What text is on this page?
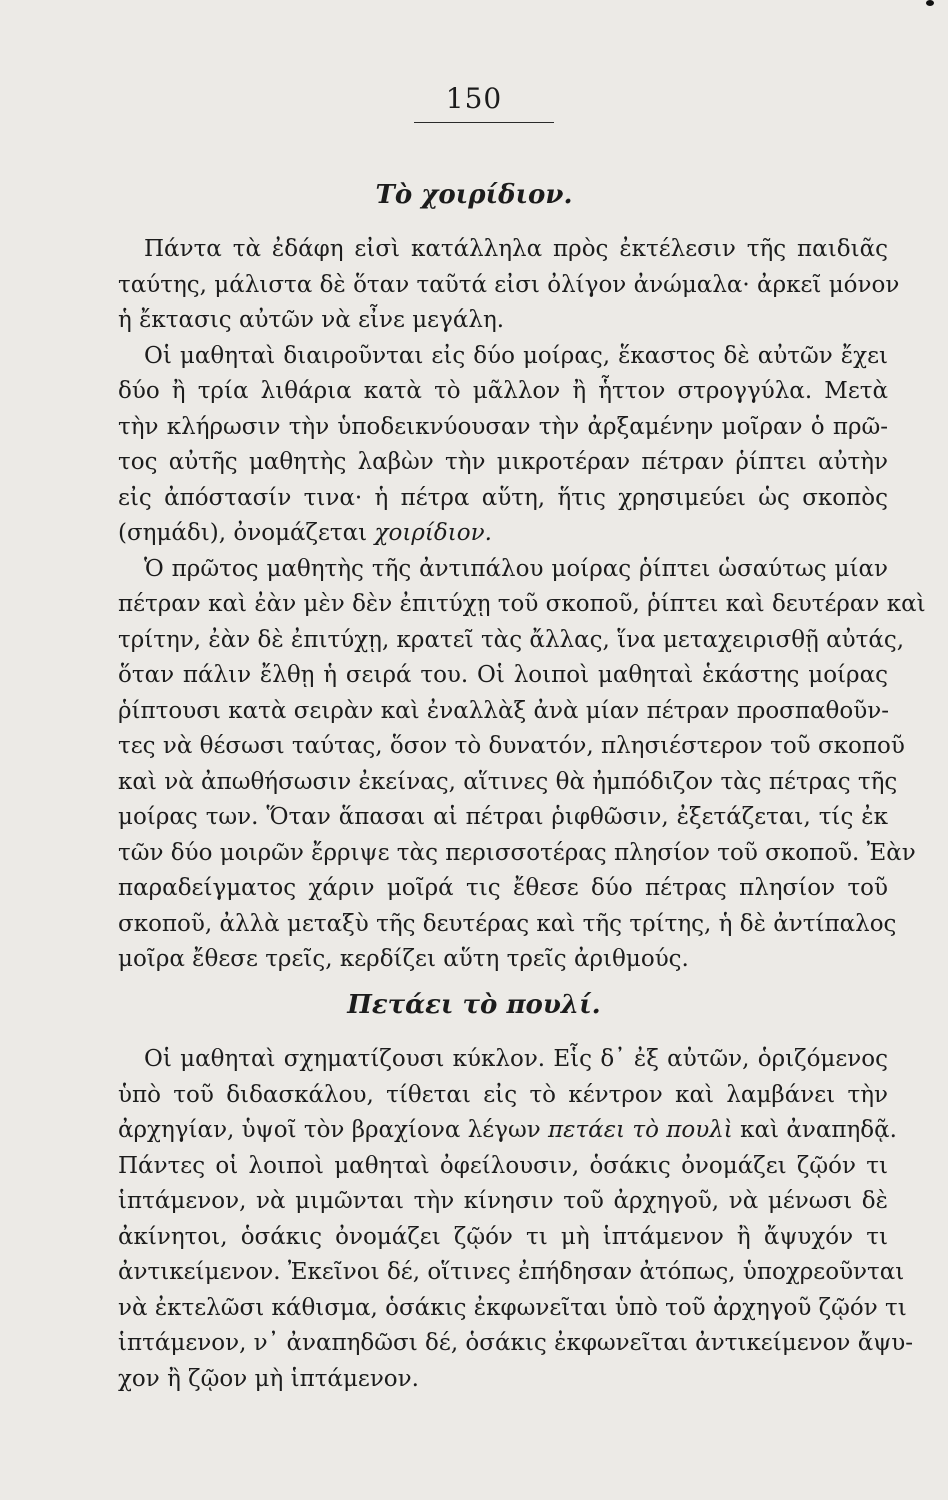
150
Τὸ χοιρίδιον.
Πάντα τὰ ἐδάφη εἰσὶ κατάλληλα πρὸς ἐκτέλεσιν τῆς παιδιᾶς
ταύτης, μάλιστα δὲ ὅταν ταῦτά εἰσι ὀλίγον ἀνώμαλα· ἀρκεῖ μόνον
ἡ ἔκτασις αὐτῶν νὰ εἶνε μεγάλη.
Οἱ μαθηταὶ διαιροῦνται εἰς δύο μοίρας, ἕκαστος δὲ αὐτῶν ἔχει
δύο ἢ τρία λιθάρια κατὰ τὸ μᾶλλον ἢ ἧττον στρογγύλα. Μετὰ
τὴν κλήρωσιν τὴν ὑποδεικνύουσαν τὴν ἀρξαμένην μοῖραν ὁ πρῶ-
τος αὐτῆς μαθητὴς λαβὼν τὴν μικροτέραν πέτραν ῥίπτει αὐτὴν
εἰς ἀπόστασίν τινα· ἡ πέτρα αὕτη, ἥτις χρησιμεύει ὡς σκοπὸς
(σημάδι), ὀνομάζεται χοιρίδιον.
Ὁ πρῶτος μαθητὴς τῆς ἀντιπάλου μοίρας ῥίπτει ὡσαύτως μίαν
πέτραν καὶ ἐὰν μὲν δὲν ἐπιτύχῃ τοῦ σκοποῦ, ῥίπτει καὶ δευτέραν καὶ
τρίτην, ἐὰν δὲ ἐπιτύχῃ, κρατεῖ τὰς ἄλλας, ἵνα μεταχειρισθῇ αὐτάς,
ὅταν πάλιν ἔλθῃ ἡ σειρά του. Οἱ λοιποὶ μαθηταὶ ἑκάστης μοίρας
ῥίπτουσι κατὰ σειρὰν καὶ ἐναλλὰξ ἀνὰ μίαν πέτραν προσπαθοῦν-
τες νὰ θέσωσι ταύτας, ὅσον τὸ δυνατόν, πλησιέστερον τοῦ σκοποῦ
καὶ νὰ ἀπωθήσωσιν ἐκείνας, αἵτινες θὰ ἠμπόδιζον τὰς πέτρας τῆς
μοίρας των. Ὅταν ἅπασαι αἱ πέτραι ῥιφθῶσιν, ἐξετάζεται, τίς ἐκ
τῶν δύο μοιρῶν ἔρριψε τὰς περισσοτέρας πλησίον τοῦ σκοποῦ. Ἐὰν
παραδείγματος χάριν μοῖρά τις ἔθεσε δύο πέτρας πλησίον τοῦ
σκοποῦ, ἀλλὰ μεταξὺ τῆς δευτέρας καὶ τῆς τρίτης, ἡ δὲ ἀντίπαλος
μοῖρα ἔθεσε τρεῖς, κερδίζει αὕτη τρεῖς ἀριθμούς.
Πετάει τὸ πουλί.
Οἱ μαθηταὶ σχηματίζουσι κύκλον. Εἷς δ᾽ ἐξ αὐτῶν, ὁριζόμενος
ὑπὸ τοῦ διδασκάλου, τίθεται εἰς τὸ κέντρον καὶ λαμβάνει τὴν
ἀρχηγίαν, ὑψοῖ τὸν βραχίονα λέγων πετάει τὸ πουλὶ καὶ ἀναπηδᾷ.
Πάντες οἱ λοιποὶ μαθηταὶ ὀφείλουσιν, ὁσάκις ὀνομάζει ζῷόν τι
ἱπτάμενον, νὰ μιμῶνται τὴν κίνησιν τοῦ ἀρχηγοῦ, νὰ μένωσι δὲ
ἀκίνητοι, ὁσάκις ὀνομάζει ζῷόν τι μὴ ἱπτάμενον ἢ ἄψυχόν τι
ἀντικείμενον. Ἐκεῖνοι δέ, οἵτινες ἐπήδησαν ἀτόπως, ὑποχρεοῦνται
νὰ ἐκτελῶσι κάθισμα, ὁσάκις ἐκφωνεῖται ὑπὸ τοῦ ἀρχηγοῦ ζῷόν τι
ἱπτάμενον, ν᾽ ἀναπηδῶσι δέ, ὁσάκις ἐκφωνεῖται ἀντικείμενον ἄψυ-
χον ἢ ζῷον μὴ ἱπτάμενον.
